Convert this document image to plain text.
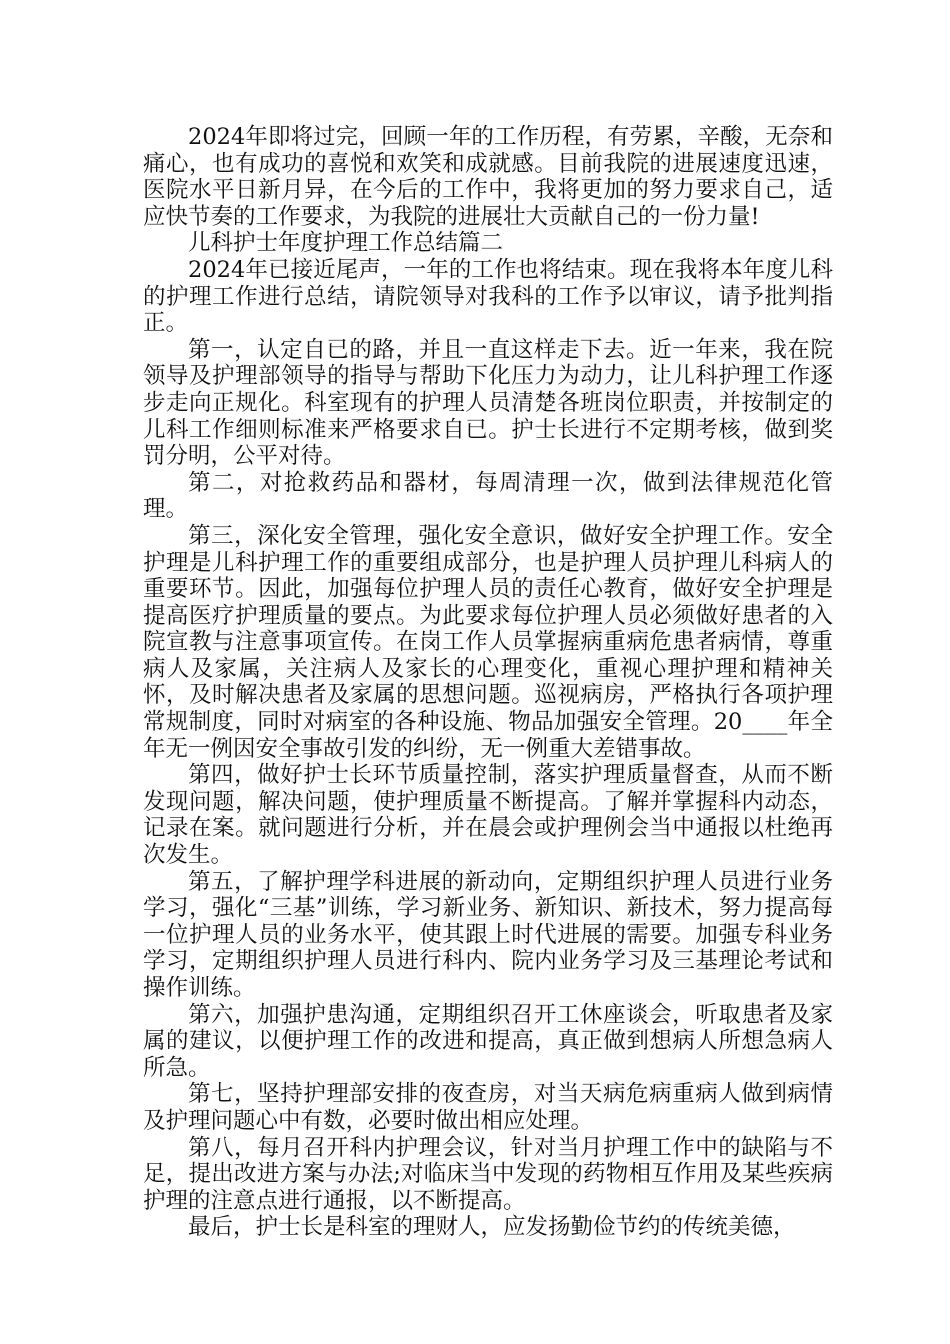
2024年即将过完，回顾一年的工作历程，有劳累，辛酸，无奈和痛心，也有成功的喜悦和欢笑和成就感。目前我院的进展速度迅速，医院水平日新月异，在今后的工作中，我将更加的努力要求自己，适应快节奏的工作要求，为我院的进展壮大贡献自己的一份力量!

儿科护士年度护理工作总结篇二

2024年已接近尾声，一年的工作也将结束。现在我将本年度儿科的护理工作进行总结，请院领导对我科的工作予以审议，请予批判指正。

第一，认定自已的路，并且一直这样走下去。近一年来，我在院领导及护理部领导的指导与帮助下化压力为动力，让儿科护理工作逐步走向正规化。科室现有的护理人员清楚各班岗位职责，并按制定的儿科工作细则标准来严格要求自已。护士长进行不定期考核，做到奖罚分明，公平对待。

第二，对抢救药品和器材，每周清理一次，做到法律规范化管理。

第三，深化安全管理，强化安全意识，做好安全护理工作。安全护理是儿科护理工作的重要组成部分，也是护理人员护理儿科病人的重要环节。因此，加强每位护理人员的责任心教育，做好安全护理是提高医疗护理质量的要点。为此要求每位护理人员必须做好患者的入院宣教与注意事项宣传。在岗工作人员掌握病重病危患者病情，尊重病人及家属，关注病人及家长的心理变化，重视心理护理和精神关怀，及时解决患者及家属的思想问题。巡视病房，严格执行各项护理常规制度，同时对病室的各种设施、物品加强安全管理。20____年全年无一例因安全事故引发的纠纷，无一例重大差错事故。

第四，做好护士长环节质量控制，落实护理质量督查，从而不断发现问题，解决问题，使护理质量不断提高。了解并掌握科内动态，记录在案。就问题进行分析，并在晨会或护理例会当中通报以杜绝再次发生。

第五，了解护理学科进展的新动向，定期组织护理人员进行业务学习，强化“三基”训练，学习新业务、新知识、新技术，努力提高每一位护理人员的业务水平，使其跟上时代进展的需要。加强专科业务学习，定期组织护理人员进行科内、院内业务学习及三基理论考试和操作训练。

第六，加强护患沟通，定期组织召开工休座谈会，听取患者及家属的建议，以便护理工作的改进和提高，真正做到想病人所想急病人所急。

第七，坚持护理部安排的夜查房，对当天病危病重病人做到病情及护理问题心中有数，必要时做出相应处理。

第八，每月召开科内护理会议，针对当月护理工作中的缺陷与不足，提出改进方案与办法;对临床当中发现的药物相互作用及某些疾病护理的注意点进行通报，以不断提高。

最后，护士长是科室的理财人，应发扬勤俭节约的传统美德，
